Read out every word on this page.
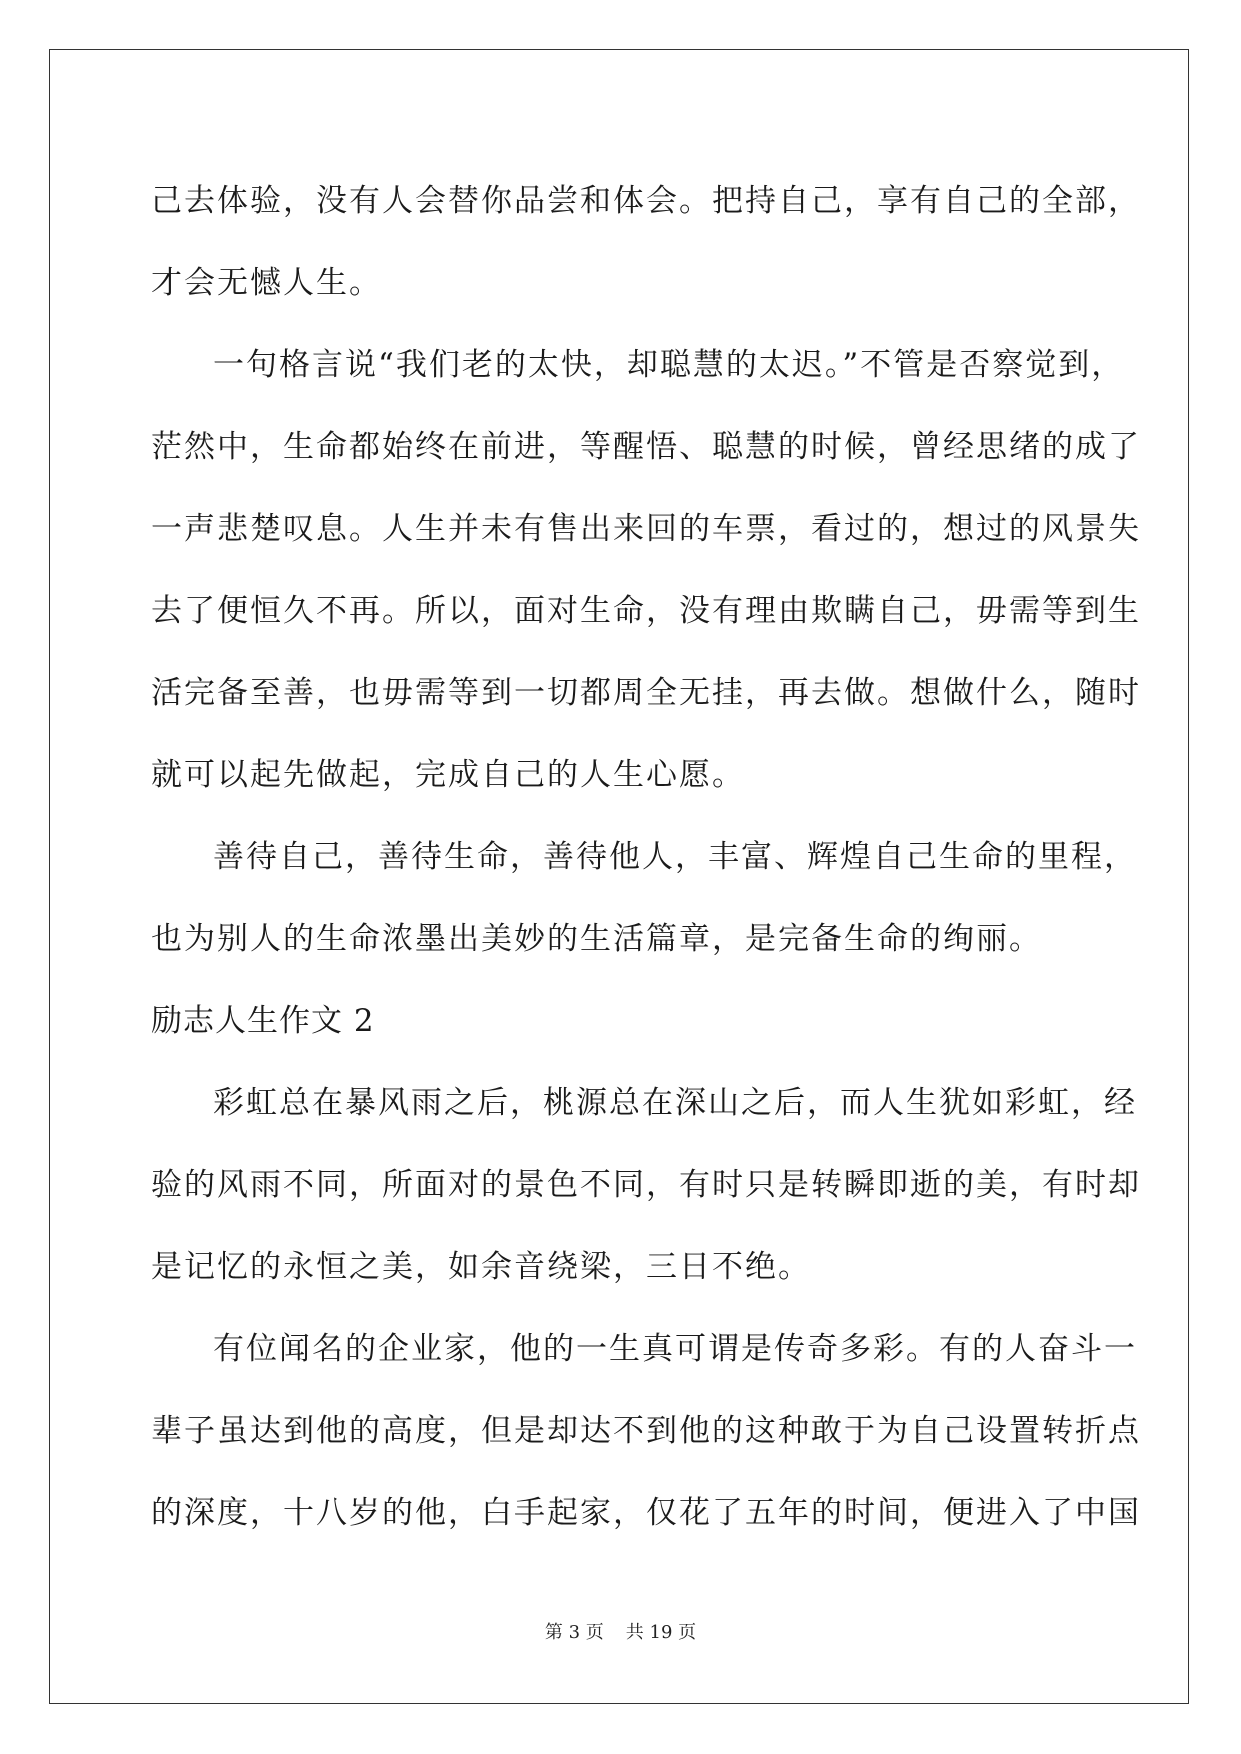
己去体验，没有人会替你品尝和体会。把持自己，享有自己的全部，
才会无憾人生。
一句格言说“我们老的太快，却聪慧的太迟。”不管是否察觉到，
茫然中，生命都始终在前进，等醒悟、聪慧的时候，曾经思绪的成了
一声悲楚叹息。人生并未有售出来回的车票，看过的，想过的风景失
去了便恒久不再。所以，面对生命，没有理由欺瞒自己，毋需等到生
活完备至善，也毋需等到一切都周全无挂，再去做。想做什么，随时
就可以起先做起，完成自己的人生心愿。
善待自己，善待生命，善待他人，丰富、辉煌自己生命的里程，
也为别人的生命浓墨出美妙的生活篇章，是完备生命的绚丽。
励志人生作文 2
彩虹总在暴风雨之后，桃源总在深山之后，而人生犹如彩虹，经
验的风雨不同，所面对的景色不同，有时只是转瞬即逝的美，有时却
是记忆的永恒之美，如余音绕梁，三日不绝。
有位闻名的企业家，他的一生真可谓是传奇多彩。有的人奋斗一
辈子虽达到他的高度，但是却达不到他的这种敢于为自己设置转折点
的深度，十八岁的他，白手起家，仅花了五年的时间，便进入了中国
第 3 页 共 19 页
